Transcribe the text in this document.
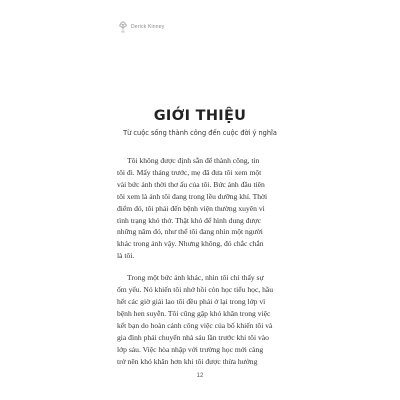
Derick Kinney
GIỚI THIỆU
Từ cuộc sống thành công đến cuộc đời ý nghĩa

Tôi không được định sẵn để thành công, tin
tôi đi. Mấy tháng trước, mẹ đã đưa tôi xem một
vài bức ảnh thời thơ ấu của tôi. Bức ảnh đầu tiên
tôi xem là ảnh tôi đang trong lều dưỡng khí. Thời
điểm đó, tôi phải đến bệnh viện thường xuyên vì
tình trạng khó thở. Thật khó để hình dung được
những năm đó, như thể tôi đang nhìn một người
khác trong ảnh vậy. Nhưng không, đó chắc chắn
là tôi.

Trong một bức ảnh khác, nhìn tôi chỉ thấy sự
ốm yếu. Nó khiến tôi nhớ hồi còn học tiểu học, hầu
hết các giờ giải lao tôi đều phải ở lại trong lớp vì
bệnh hen suyễn. Tôi cũng gặp khó khăn trong việc
kết bạn do hoàn cảnh công việc của bố khiến tôi và
gia đình phải chuyển nhà sáu lần trước khi tôi vào
lớp sáu. Việc hòa nhập với trường học mới càng
trở nên khó khăn hơn khi tôi được thừa hưởng

12
